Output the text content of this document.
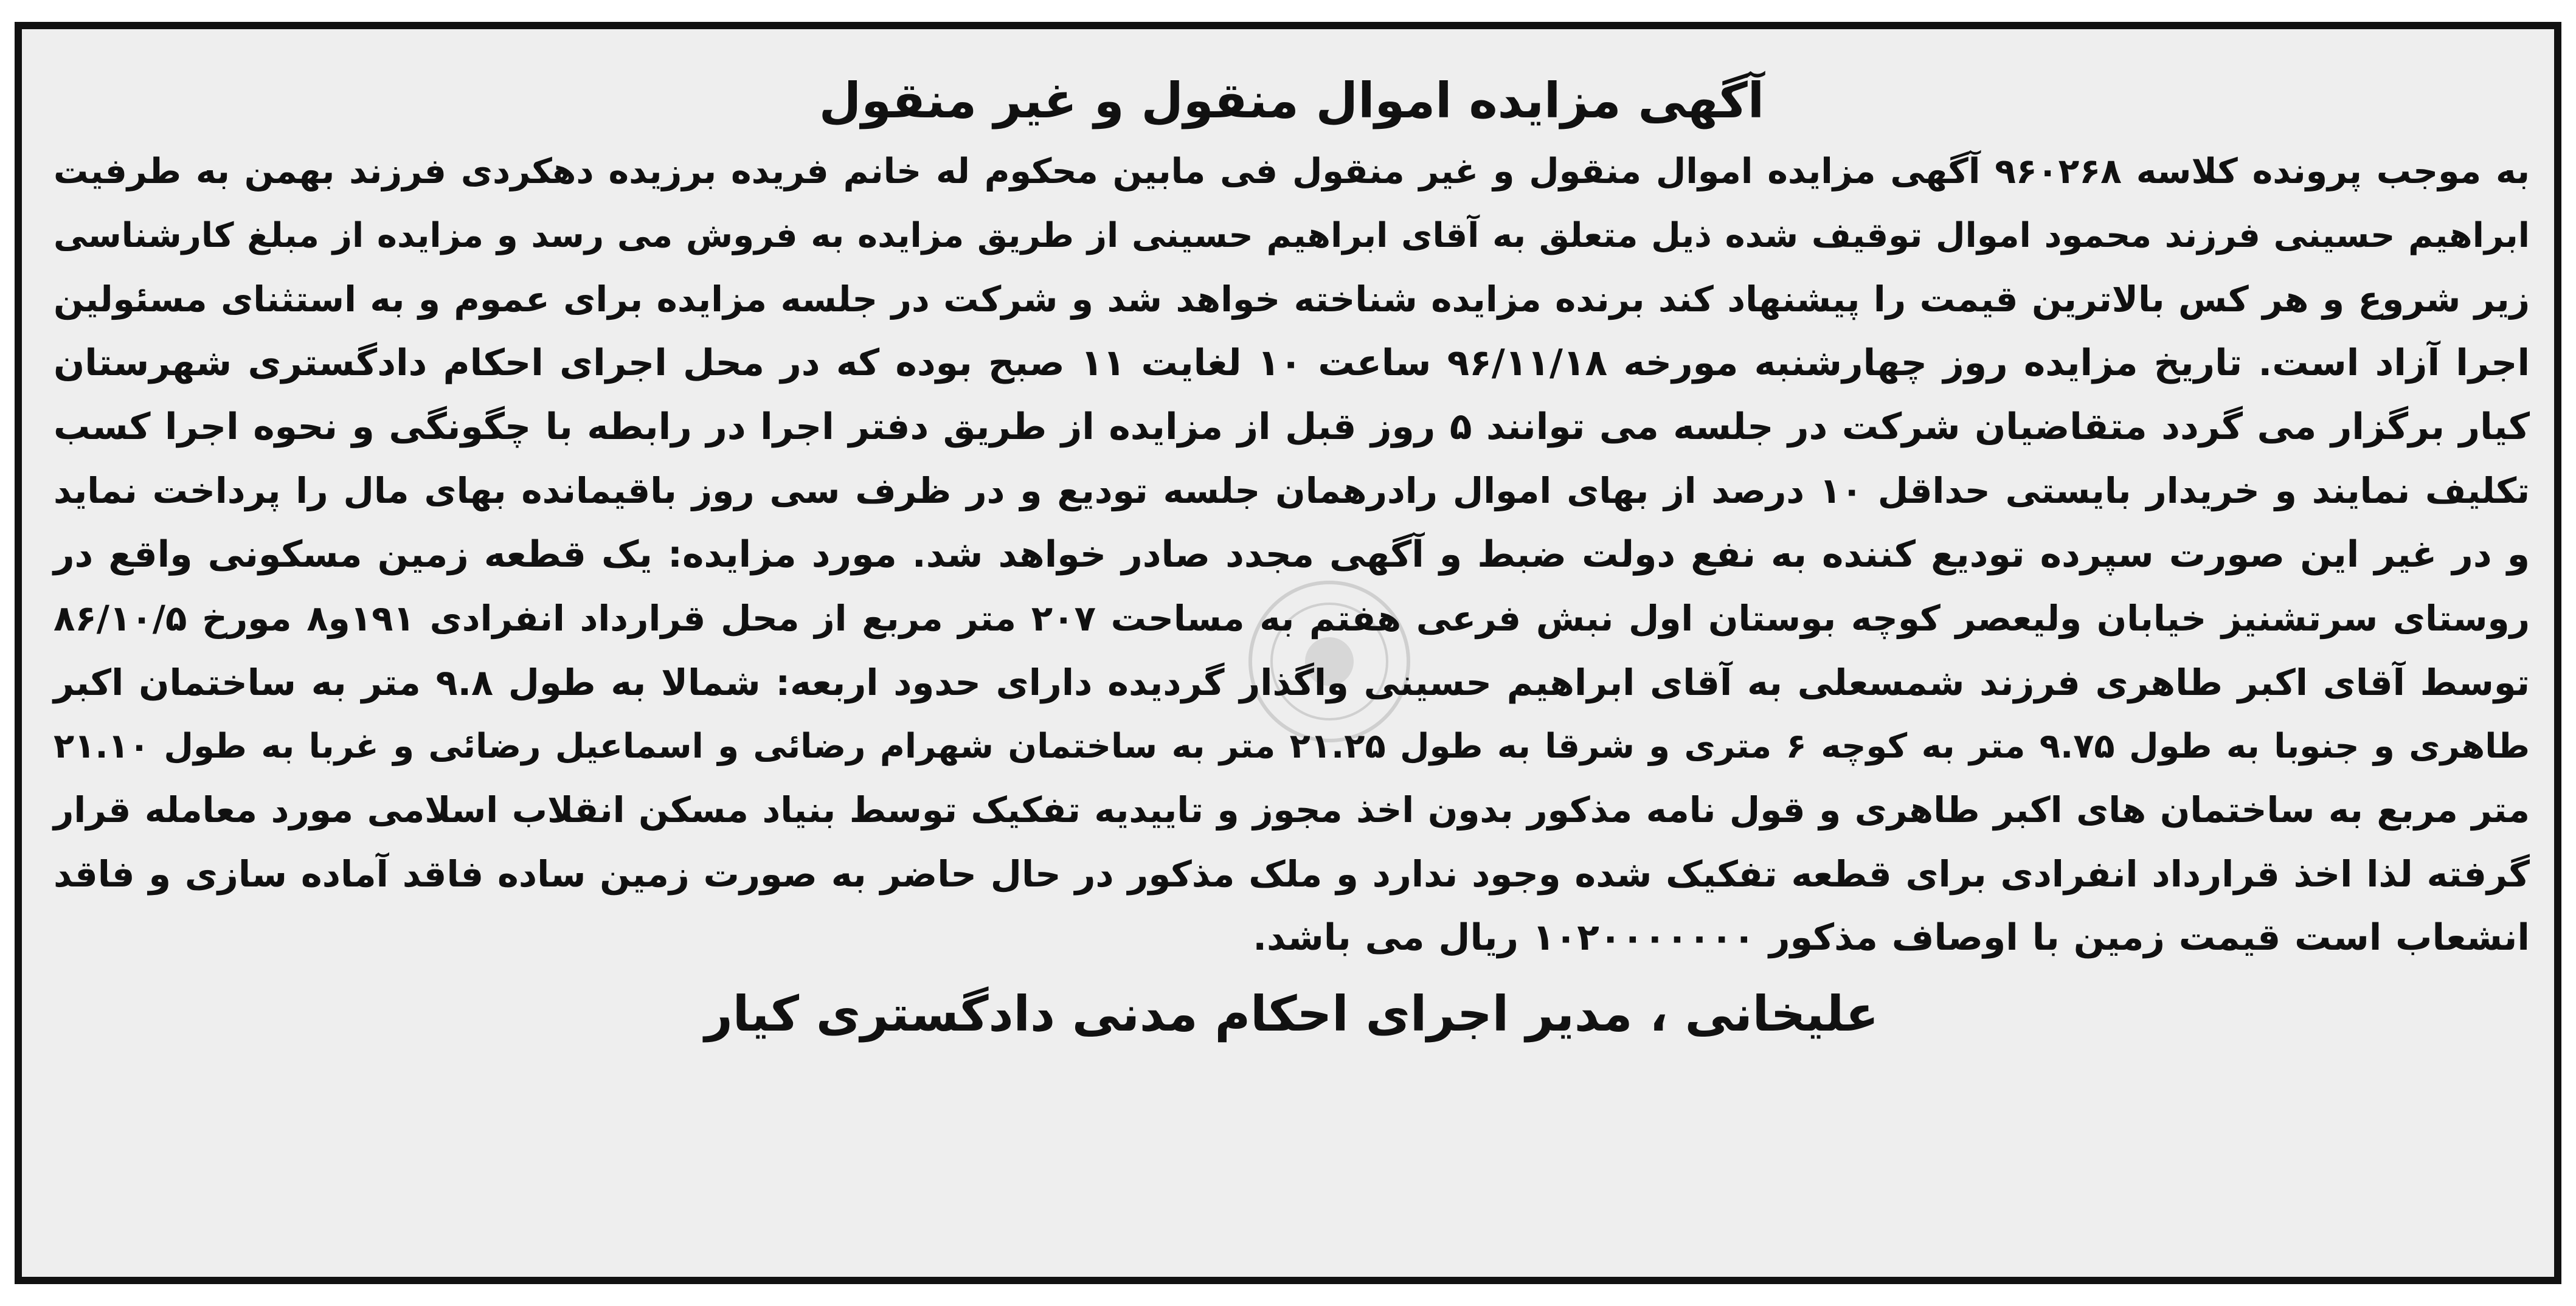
آگهی مزایده اموال منقول و غیر منقول
به موجب پرونده کلاسه ۹۶۰۲۶۸ آگهی مزایده اموال منقول و غیر منقول فی مابین محکوم له خانم فریده برزیده دهکردی فرزند بهمن به طرفیت
ابراهیم حسینی فرزند محمود اموال توقیف شده ذیل متعلق به آقای ابراهیم حسینی از طریق مزایده به فروش می رسد و مزایده از مبلغ کارشناسی
زیر شروع و هر کس بالاترین قیمت را پیشنهاد کند برنده مزایده شناخته خواهد شد و شرکت در جلسه مزایده برای عموم و به استثنای مسئولین
اجرا آزاد است. تاریخ مزایده روز چهارشنبه مورخه ۹۶/۱۱/۱۸ ساعت ۱۰ لغایت ۱۱ صبح بوده که در محل اجرای احکام دادگستری شهرستان
کیار برگزار می گردد متقاضیان شرکت در جلسه می توانند ۵ روز قبل از مزایده از طریق دفتر اجرا در رابطه با چگونگی و نحوه اجرا کسب
تکلیف نمایند و خریدار بایستی حداقل ۱۰ درصد از بهای اموال رادرهمان جلسه تودیع و در ظرف سی روز باقیمانده بهای مال را پرداخت نماید
و در غیر این صورت سپرده تودیع کننده به نفع دولت ضبط و آگهی مجدد صادر خواهد شد. مورد مزایده: یک قطعه زمین مسکونی واقع در
روستای سرتشنیز خیابان ولیعصر کوچه بوستان اول نبش فرعی هفتم به مساحت ۲۰۷ متر مربع از محل قرارداد انفرادی ۱۹۱و۸ مورخ ۸۶/۱۰/۵
توسط آقای اکبر طاهری فرزند شمسعلی به آقای ابراهیم حسینی واگذار گردیده دارای حدود اربعه: شمالا به طول ۹.۸ متر به ساختمان اکبر
طاهری و جنوبا به طول ۹.۷۵ متر به کوچه ۶ متری و شرقا به طول ۲۱.۲۵ متر به ساختمان شهرام رضائی و اسماعیل رضائی و غربا به طول ۲۱.۱۰
متر مربع به ساختمان های اکبر طاهری و قول نامه مذکور بدون اخذ مجوز و تاییدیه تفکیک توسط بنیاد مسکن انقلاب اسلامی مورد معامله قرار
گرفته لذا اخذ قرارداد انفرادی برای قطعه تفکیک شده وجود ندارد و ملک مذکور در حال حاضر به صورت زمین ساده فاقد آماده سازی و فاقد
انشعاب است قیمت زمین با اوصاف مذکور ۱۰۲۰۰۰۰۰۰۰ ریال می باشد.
علیخانی ، مدیر اجرای احکام مدنی دادگستری کیار
